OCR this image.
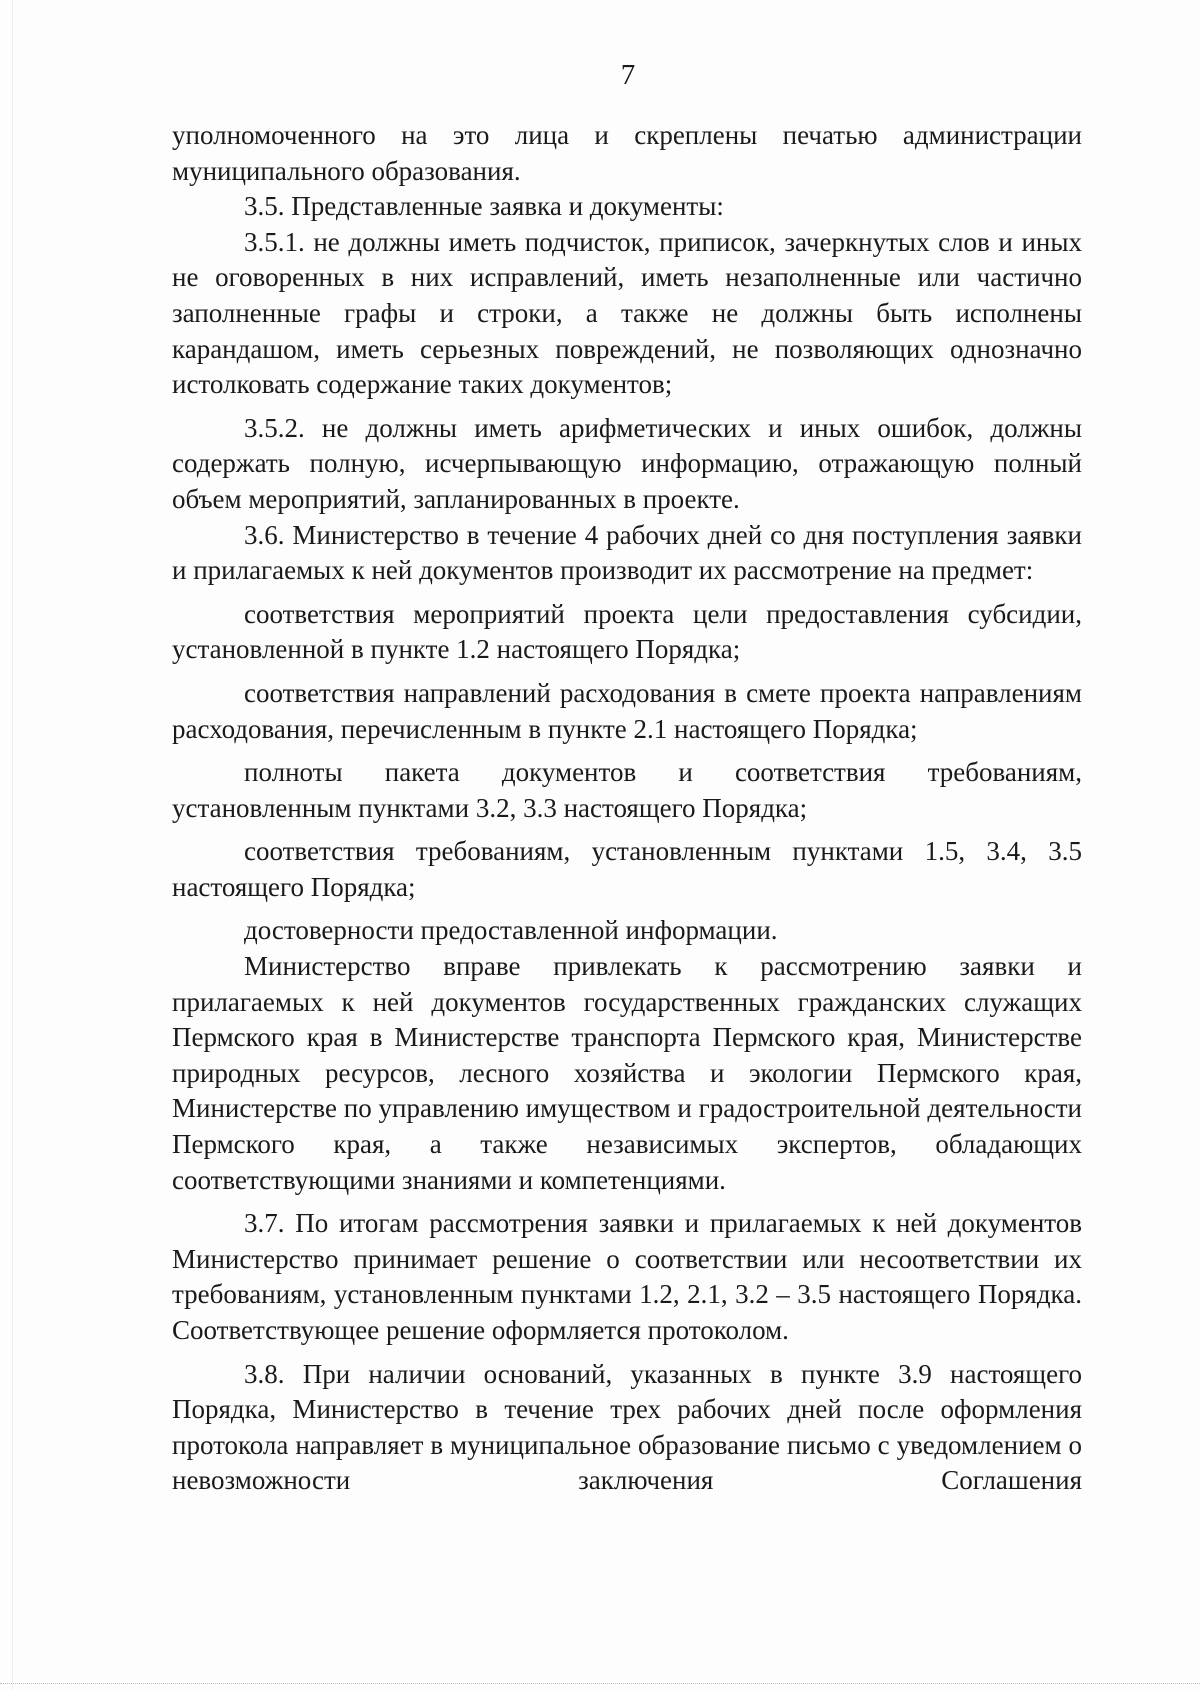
7

уполномоченного на это лица и скреплены печатью администрации муниципального образования.

3.5. Представленные заявка и документы:

3.5.1. не должны иметь подчисток, приписок, зачеркнутых слов и иных не оговоренных в них исправлений, иметь незаполненные или частично заполненные графы и строки, а также не должны быть исполнены карандашом, иметь серьезных повреждений, не позволяющих однозначно истолковать содержание таких документов;

3.5.2. не должны иметь арифметических и иных ошибок, должны содержать полную, исчерпывающую информацию, отражающую полный объем мероприятий, запланированных в проекте.

3.6. Министерство в течение 4 рабочих дней со дня поступления заявки и прилагаемых к ней документов производит их рассмотрение на предмет:

соответствия мероприятий проекта цели предоставления субсидии, установленной в пункте 1.2 настоящего Порядка;

соответствия направлений расходования в смете проекта направлениям расходования, перечисленным в пункте 2.1 настоящего Порядка;

полноты пакета документов и соответствия требованиям, установленным пунктами 3.2, 3.3 настоящего Порядка;

соответствия требованиям, установленным пунктами 1.5, 3.4, 3.5 настоящего Порядка;

достоверности предоставленной информации.

Министерство вправе привлекать к рассмотрению заявки и прилагаемых к ней документов государственных гражданских служащих Пермского края в Министерстве транспорта Пермского края, Министерстве природных ресурсов, лесного хозяйства и экологии Пермского края, Министерстве по управлению имуществом и градостроительной деятельности Пермского края, а также независимых экспертов, обладающих соответствующими знаниями и компетенциями.

3.7. По итогам рассмотрения заявки и прилагаемых к ней документов Министерство принимает решение о соответствии или несоответствии их требованиям, установленным пунктами 1.2, 2.1, 3.2 – 3.5 настоящего Порядка. Соответствующее решение оформляется протоколом.

3.8. При наличии оснований, указанных в пункте 3.9 настоящего Порядка, Министерство в течение трех рабочих дней после оформления протокола направляет в муниципальное образование письмо с уведомлением о невозможности заключения Соглашения
